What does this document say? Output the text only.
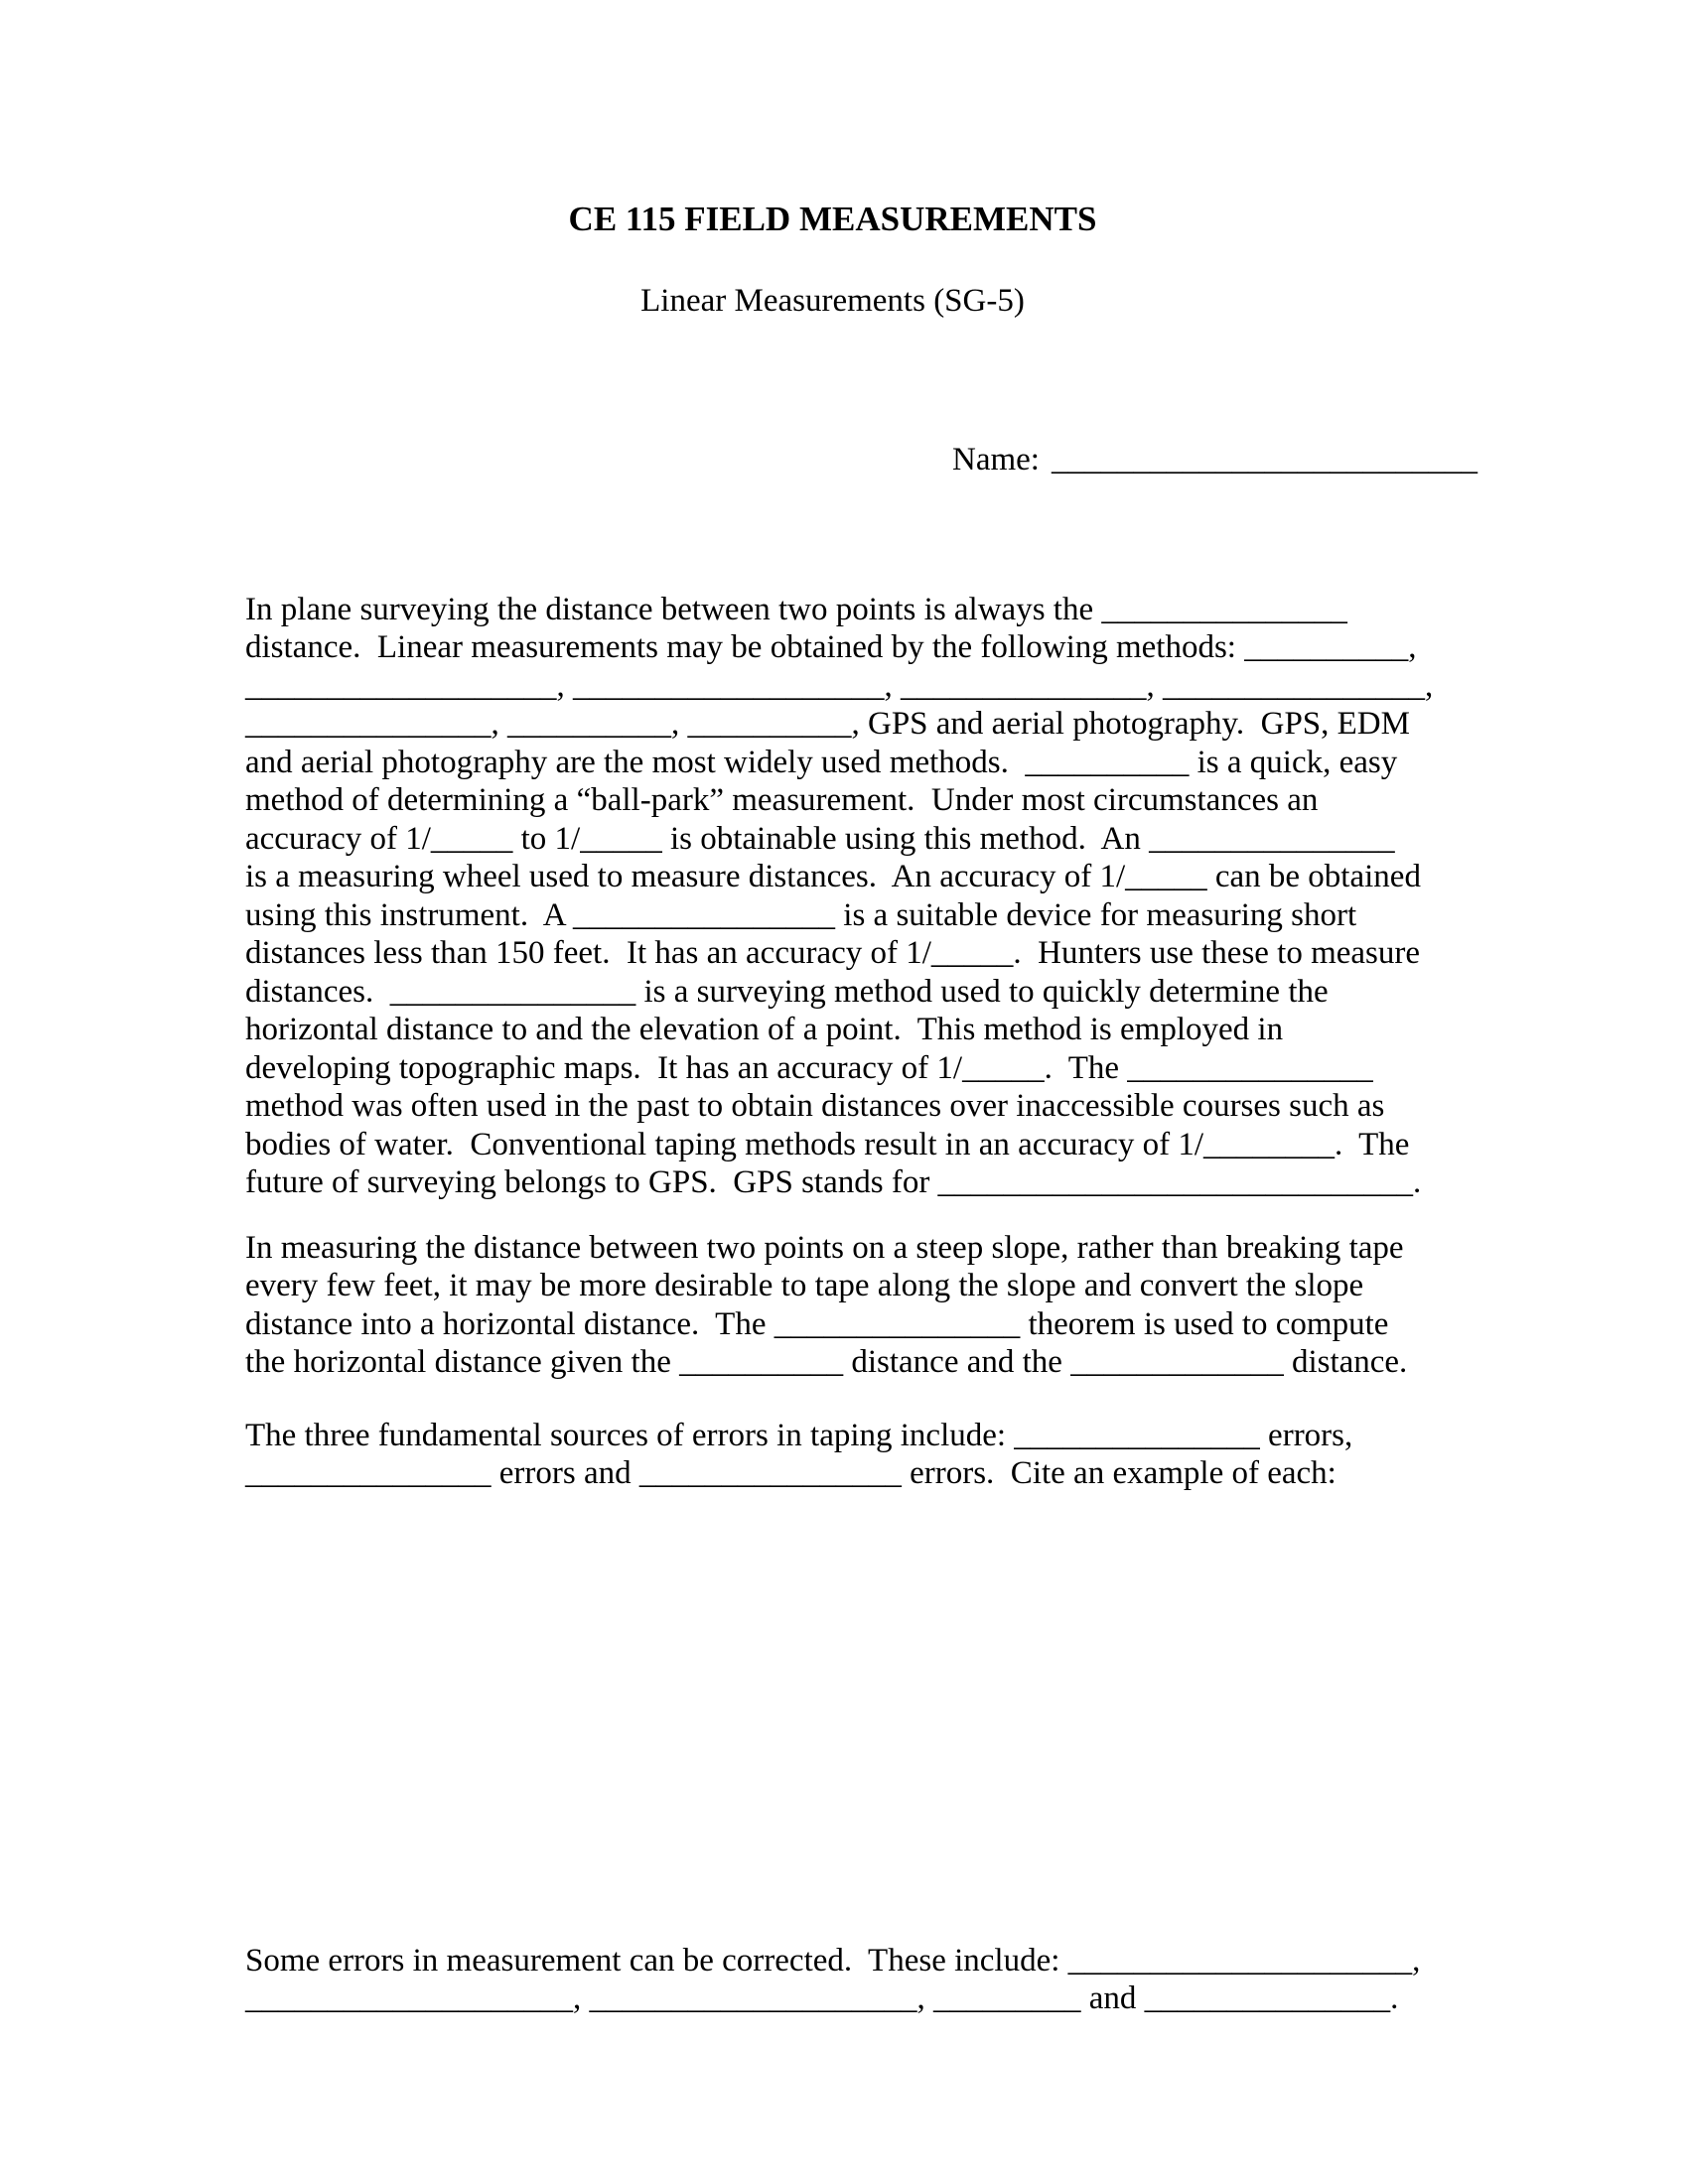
CE 115 FIELD MEASUREMENTS
Linear Measurements (SG-5)

Name: __________________________

In plane surveying the distance between two points is always the _______________
distance.  Linear measurements may be obtained by the following methods: __________,
___________________, ___________________, _______________, ________________,
_______________, __________, __________, GPS and aerial photography.  GPS, EDM
and aerial photography are the most widely used methods.  __________ is a quick, easy
method of determining a “ball-park” measurement.  Under most circumstances an
accuracy of 1/_____ to 1/_____ is obtainable using this method.  An _______________
is a measuring wheel used to measure distances.  An accuracy of 1/_____ can be obtained
using this instrument.  A ________________ is a suitable device for measuring short
distances less than 150 feet.  It has an accuracy of 1/_____.  Hunters use these to measure
distances.  _______________ is a surveying method used to quickly determine the
horizontal distance to and the elevation of a point.  This method is employed in
developing topographic maps.  It has an accuracy of 1/_____.  The _______________
method was often used in the past to obtain distances over inaccessible courses such as
bodies of water.  Conventional taping methods result in an accuracy of 1/________.  The
future of surveying belongs to GPS.  GPS stands for _____________________________.
In measuring the distance between two points on a steep slope, rather than breaking tape
every few feet, it may be more desirable to tape along the slope and convert the slope
distance into a horizontal distance.  The _______________ theorem is used to compute
the horizontal distance given the __________ distance and the _____________ distance.
The three fundamental sources of errors in taping include: _______________ errors,
_______________ errors and ________________ errors.  Cite an example of each:
Some errors in measurement can be corrected.  These include: _____________________,
____________________, ____________________, _________ and _______________.
